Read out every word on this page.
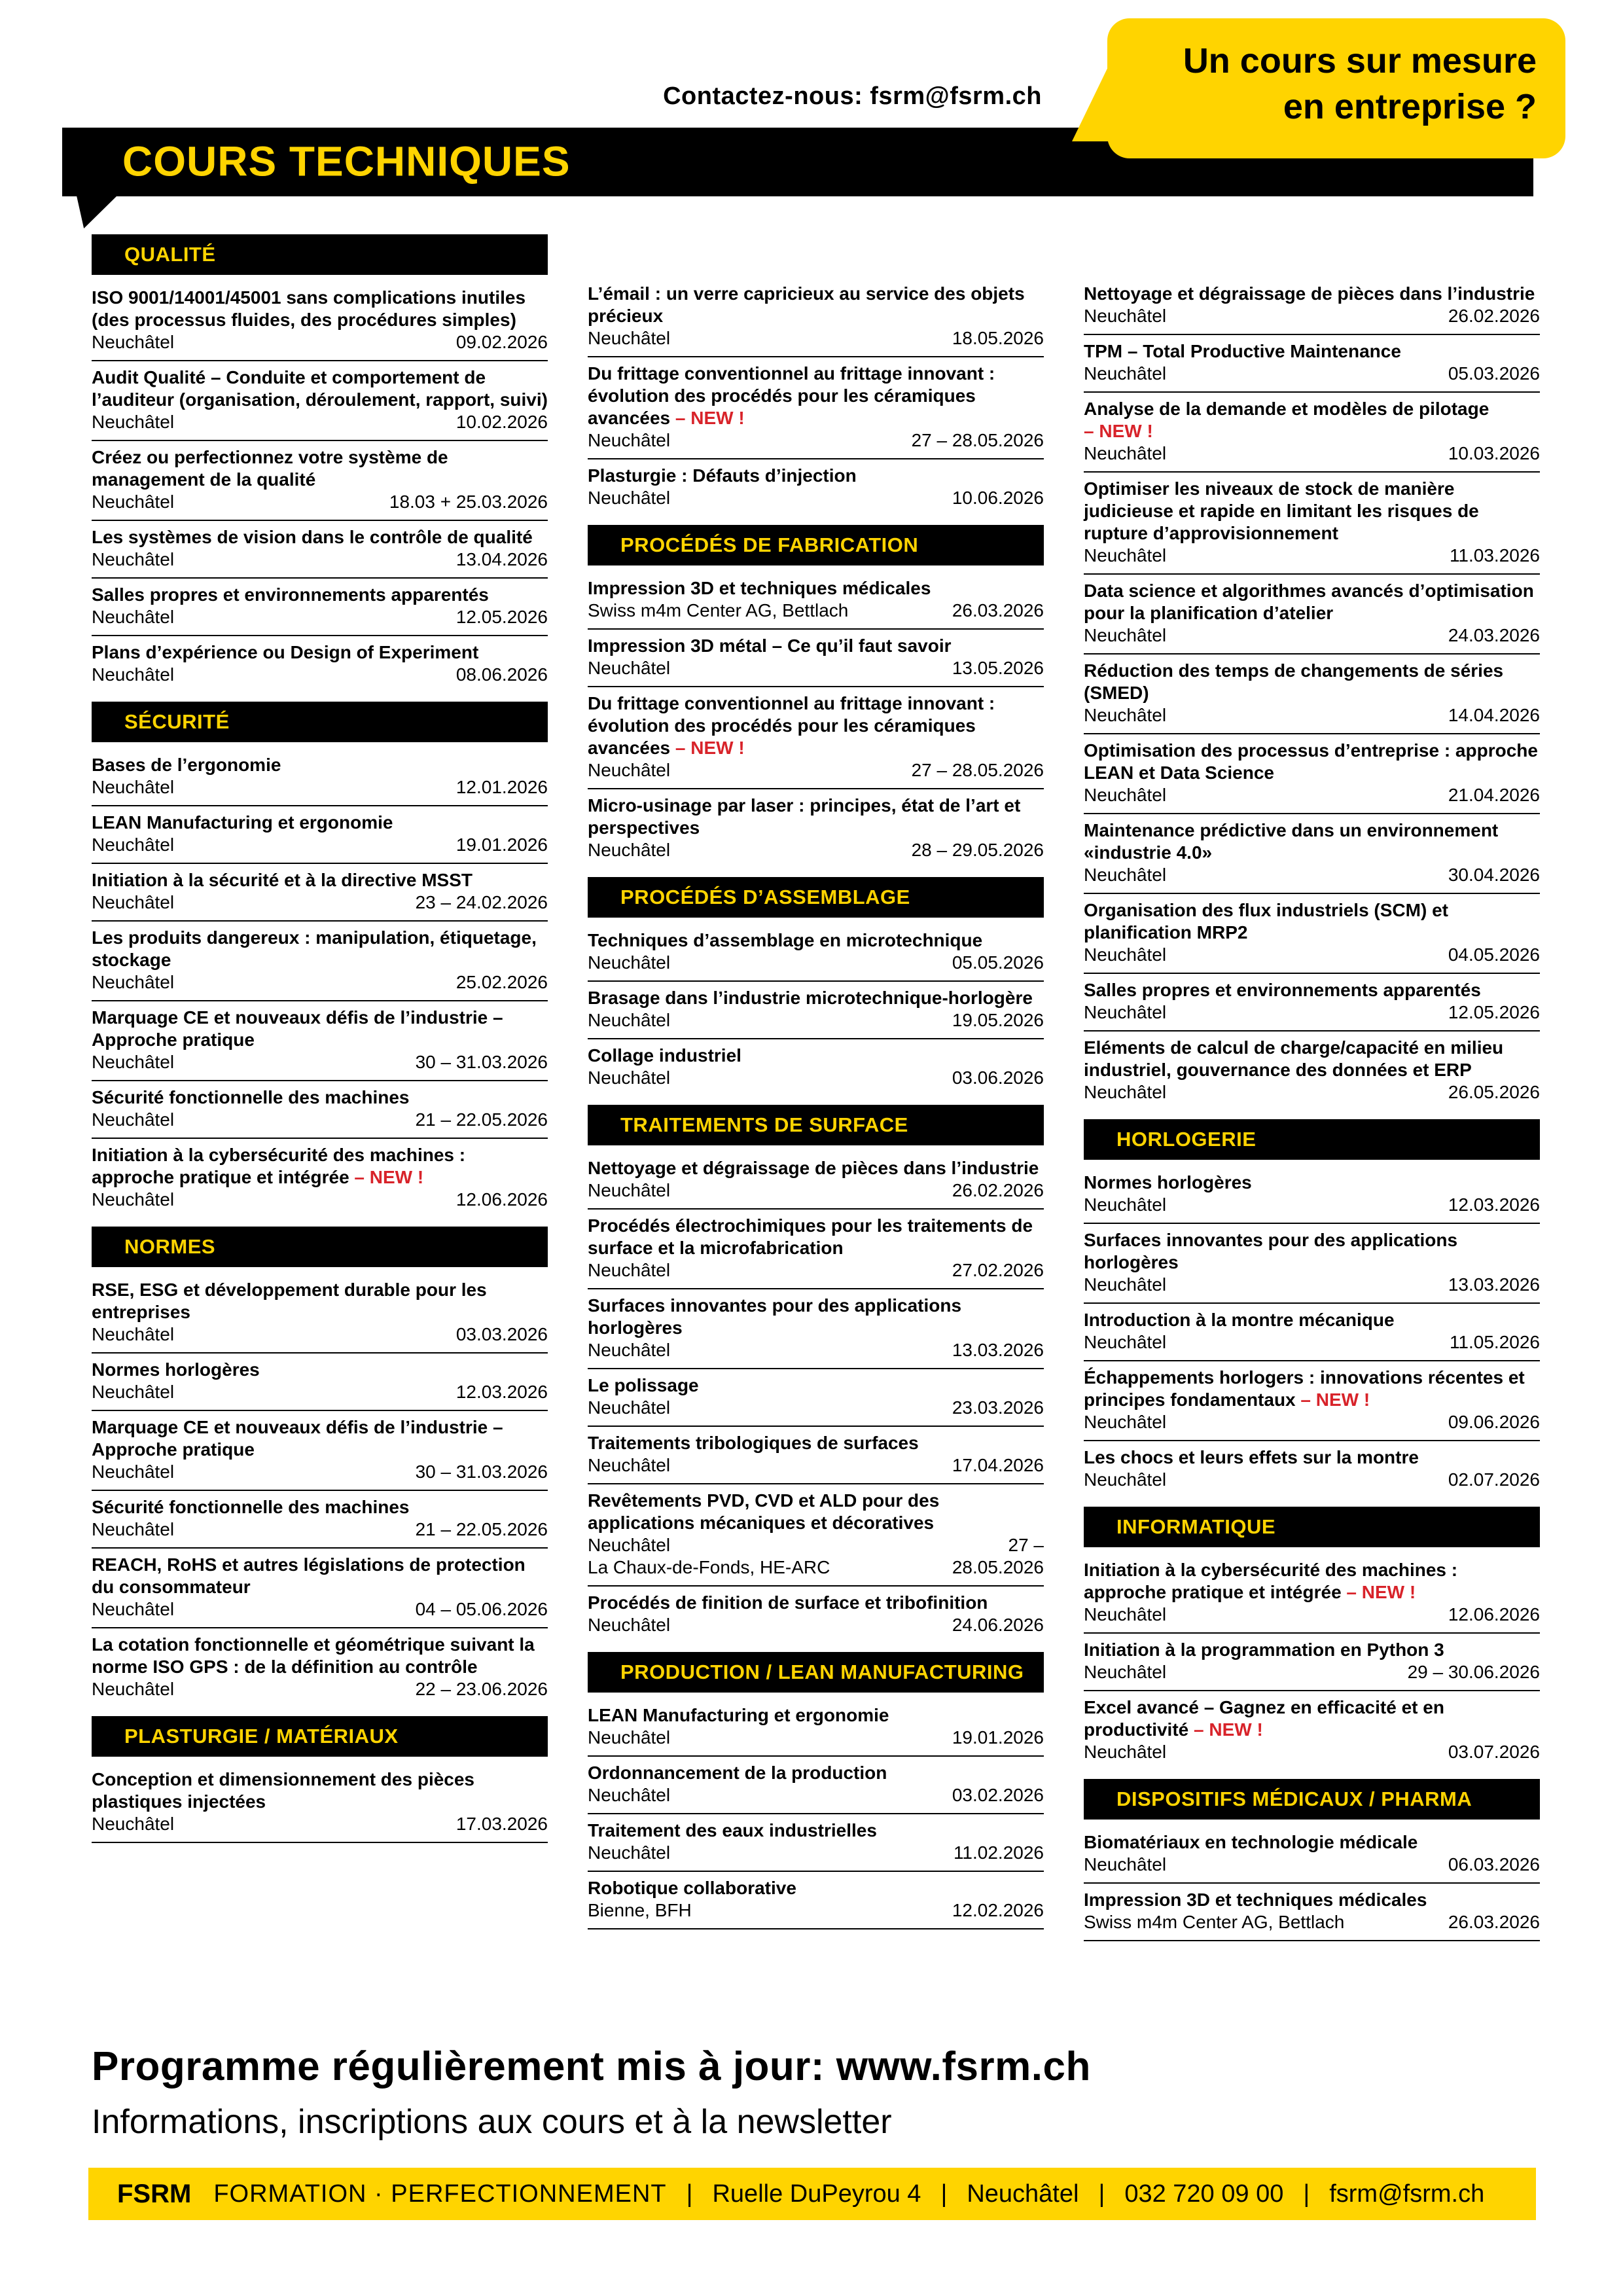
Contactez-nous: fsrm@fsrm.ch
COURS TECHNIQUES
Un cours sur mesure
en entreprise ?
QUALITÉ
ISO 9001/14001/45001 sans complications inutiles (des processus fluides, des procédures simples)
Neuchâtel	09.02.2026
Audit Qualité – Conduite et comportement de l’auditeur (organisation, déroulement, rapport, suivi)
Neuchâtel	10.02.2026
Créez ou perfectionnez votre système de management de la qualité
Neuchâtel	18.03 + 25.03.2026
Les systèmes de vision dans le contrôle de qualité
Neuchâtel	13.04.2026
Salles propres et environnements apparentés
Neuchâtel	12.05.2026
Plans d’expérience ou Design of Experiment
Neuchâtel	08.06.2026
SÉCURITÉ
Bases de l’ergonomie
Neuchâtel	12.01.2026
LEAN Manufacturing et ergonomie
Neuchâtel	19.01.2026
Initiation à la sécurité et à la directive MSST
Neuchâtel	23 – 24.02.2026
Les produits dangereux : manipulation, étiquetage, stockage
Neuchâtel	25.02.2026
Marquage CE et nouveaux défis de l’industrie – Approche pratique
Neuchâtel	30 – 31.03.2026
Sécurité fonctionnelle des machines
Neuchâtel	21 – 22.05.2026
Initiation à la cybersécurité des machines : approche pratique et intégrée – NEW !
Neuchâtel	12.06.2026
NORMES
RSE, ESG et développement durable pour les entreprises
Neuchâtel	03.03.2026
Normes horlogères
Neuchâtel	12.03.2026
Marquage CE et nouveaux défis de l’industrie – Approche pratique
Neuchâtel	30 – 31.03.2026
Sécurité fonctionnelle des machines
Neuchâtel	21 – 22.05.2026
REACH, RoHS et autres législations de protection du consommateur
Neuchâtel	04 – 05.06.2026
La cotation fonctionnelle et géométrique suivant la norme ISO GPS : de la définition au contrôle
Neuchâtel	22 – 23.06.2026
PLASTURGIE / MATÉRIAUX
Conception et dimensionnement des pièces plastiques injectées
Neuchâtel	17.03.2026
L’émail : un verre capricieux au service des objets précieux
Neuchâtel	18.05.2026
Du frittage conventionnel au frittage innovant : évolution des procédés pour les céramiques avancées – NEW !
Neuchâtel	27 – 28.05.2026
Plasturgie : Défauts d’injection
Neuchâtel	10.06.2026
PROCÉDÉS DE FABRICATION
Impression 3D et techniques médicales
Swiss m4m Center AG, Bettlach	26.03.2026
Impression 3D métal – Ce qu’il faut savoir
Neuchâtel	13.05.2026
Du frittage conventionnel au frittage innovant : évolution des procédés pour les céramiques avancées – NEW !
Neuchâtel	27 – 28.05.2026
Micro-usinage par laser : principes, état de l’art et perspectives
Neuchâtel	28 – 29.05.2026
PROCÉDÉS D’ASSEMBLAGE
Techniques d’assemblage en microtechnique
Neuchâtel	05.05.2026
Brasage dans l’industrie microtechnique-horlogère
Neuchâtel	19.05.2026
Collage industriel
Neuchâtel	03.06.2026
TRAITEMENTS DE SURFACE
Nettoyage et dégraissage de pièces dans l’industrie
Neuchâtel	26.02.2026
Procédés électrochimiques pour les traitements de surface et la microfabrication
Neuchâtel	27.02.2026
Surfaces innovantes pour des applications horlogères
Neuchâtel	13.03.2026
Le polissage
Neuchâtel	23.03.2026
Traitements tribologiques de surfaces
Neuchâtel	17.04.2026
Revêtements PVD, CVD et ALD pour des applications mécaniques et décoratives
Neuchâtel	27 –
La Chaux-de-Fonds, HE-ARC	28.05.2026
Procédés de finition de surface et tribofinition
Neuchâtel	24.06.2026
PRODUCTION / LEAN MANUFACTURING
LEAN Manufacturing et ergonomie
Neuchâtel	19.01.2026
Ordonnancement de la production
Neuchâtel	03.02.2026
Traitement des eaux industrielles
Neuchâtel	11.02.2026
Robotique collaborative
Bienne, BFH	12.02.2026
Nettoyage et dégraissage de pièces dans l’industrie
Neuchâtel	26.02.2026
TPM – Total Productive Maintenance
Neuchâtel	05.03.2026
Analyse de la demande et modèles de pilotage – NEW !
Neuchâtel	10.03.2026
Optimiser les niveaux de stock de manière judicieuse et rapide en limitant les risques de rupture d’approvisionnement
Neuchâtel	11.03.2026
Data science et algorithmes avancés d’optimisation pour la planification d’atelier
Neuchâtel	24.03.2026
Réduction des temps de changements de séries (SMED)
Neuchâtel	14.04.2026
Optimisation des processus d’entreprise : approche LEAN et Data Science
Neuchâtel	21.04.2026
Maintenance prédictive dans un environnement «industrie 4.0»
Neuchâtel	30.04.2026
Organisation des flux industriels (SCM) et planification MRP2
Neuchâtel	04.05.2026
Salles propres et environnements apparentés
Neuchâtel	12.05.2026
Eléments de calcul de charge/capacité en milieu industriel, gouvernance des données et ERP
Neuchâtel	26.05.2026
HORLOGERIE
Normes horlogères
Neuchâtel	12.03.2026
Surfaces innovantes pour des applications horlogères
Neuchâtel	13.03.2026
Introduction à la montre mécanique
Neuchâtel	11.05.2026
Échappements horlogers : innovations récentes et principes fondamentaux – NEW !
Neuchâtel	09.06.2026
Les chocs et leurs effets sur la montre
Neuchâtel	02.07.2026
INFORMATIQUE
Initiation à la cybersécurité des machines : approche pratique et intégrée – NEW !
Neuchâtel	12.06.2026
Initiation à la programmation en Python 3
Neuchâtel	29 – 30.06.2026
Excel avancé – Gagnez en efficacité et en productivité – NEW !
Neuchâtel	03.07.2026
DISPOSITIFS MÉDICAUX / PHARMA
Biomatériaux en technologie médicale
Neuchâtel	06.03.2026
Impression 3D et techniques médicales
Swiss m4m Center AG, Bettlach	26.03.2026
Programme régulièrement mis à jour: www.fsrm.ch
Informations, inscriptions aux cours et à la newsletter
FSRM FORMATION · PERFECTIONNEMENT | Ruelle DuPeyrou 4 | Neuchâtel | 032 720 09 00 | fsrm@fsrm.ch
